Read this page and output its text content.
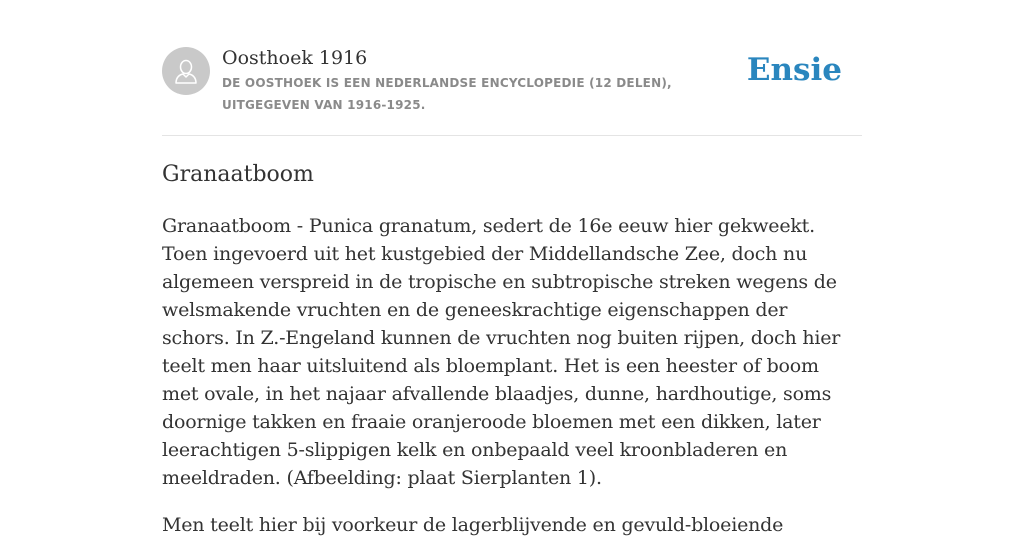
Oosthoek 1916
DE OOSTHOEK IS EEN NEDERLANDSE ENCYCLOPEDIE (12 DELEN), UITGEGEVEN VAN 1916-1925.
Ensie
Granaatboom

Granaatboom - Punica granatum, sedert de 16e eeuw hier gekweekt. Toen ingevoerd uit het kustgebied der Middellandsche Zee, doch nu algemeen verspreid in de tropische en subtropische streken wegens de welsmakende vruchten en de geneeskrachtige eigenschappen der schors. In Z.-Engeland kunnen de vruchten nog buiten rijpen, doch hier teelt men haar uitsluitend als bloemplant. Het is een heester of boom met ovale, in het najaar afvallende blaadjes, dunne, hardhoutige, soms doornige takken en fraaie oranjeroode bloemen met een dikken, later leerachtigen 5-slippigen kelk en onbepaald veel kroonbladeren en meeldraden. (Afbeelding: plaat Sierplanten 1).

Men teelt hier bij voorkeur de lagerblijvende en gevuld-bloeiende
